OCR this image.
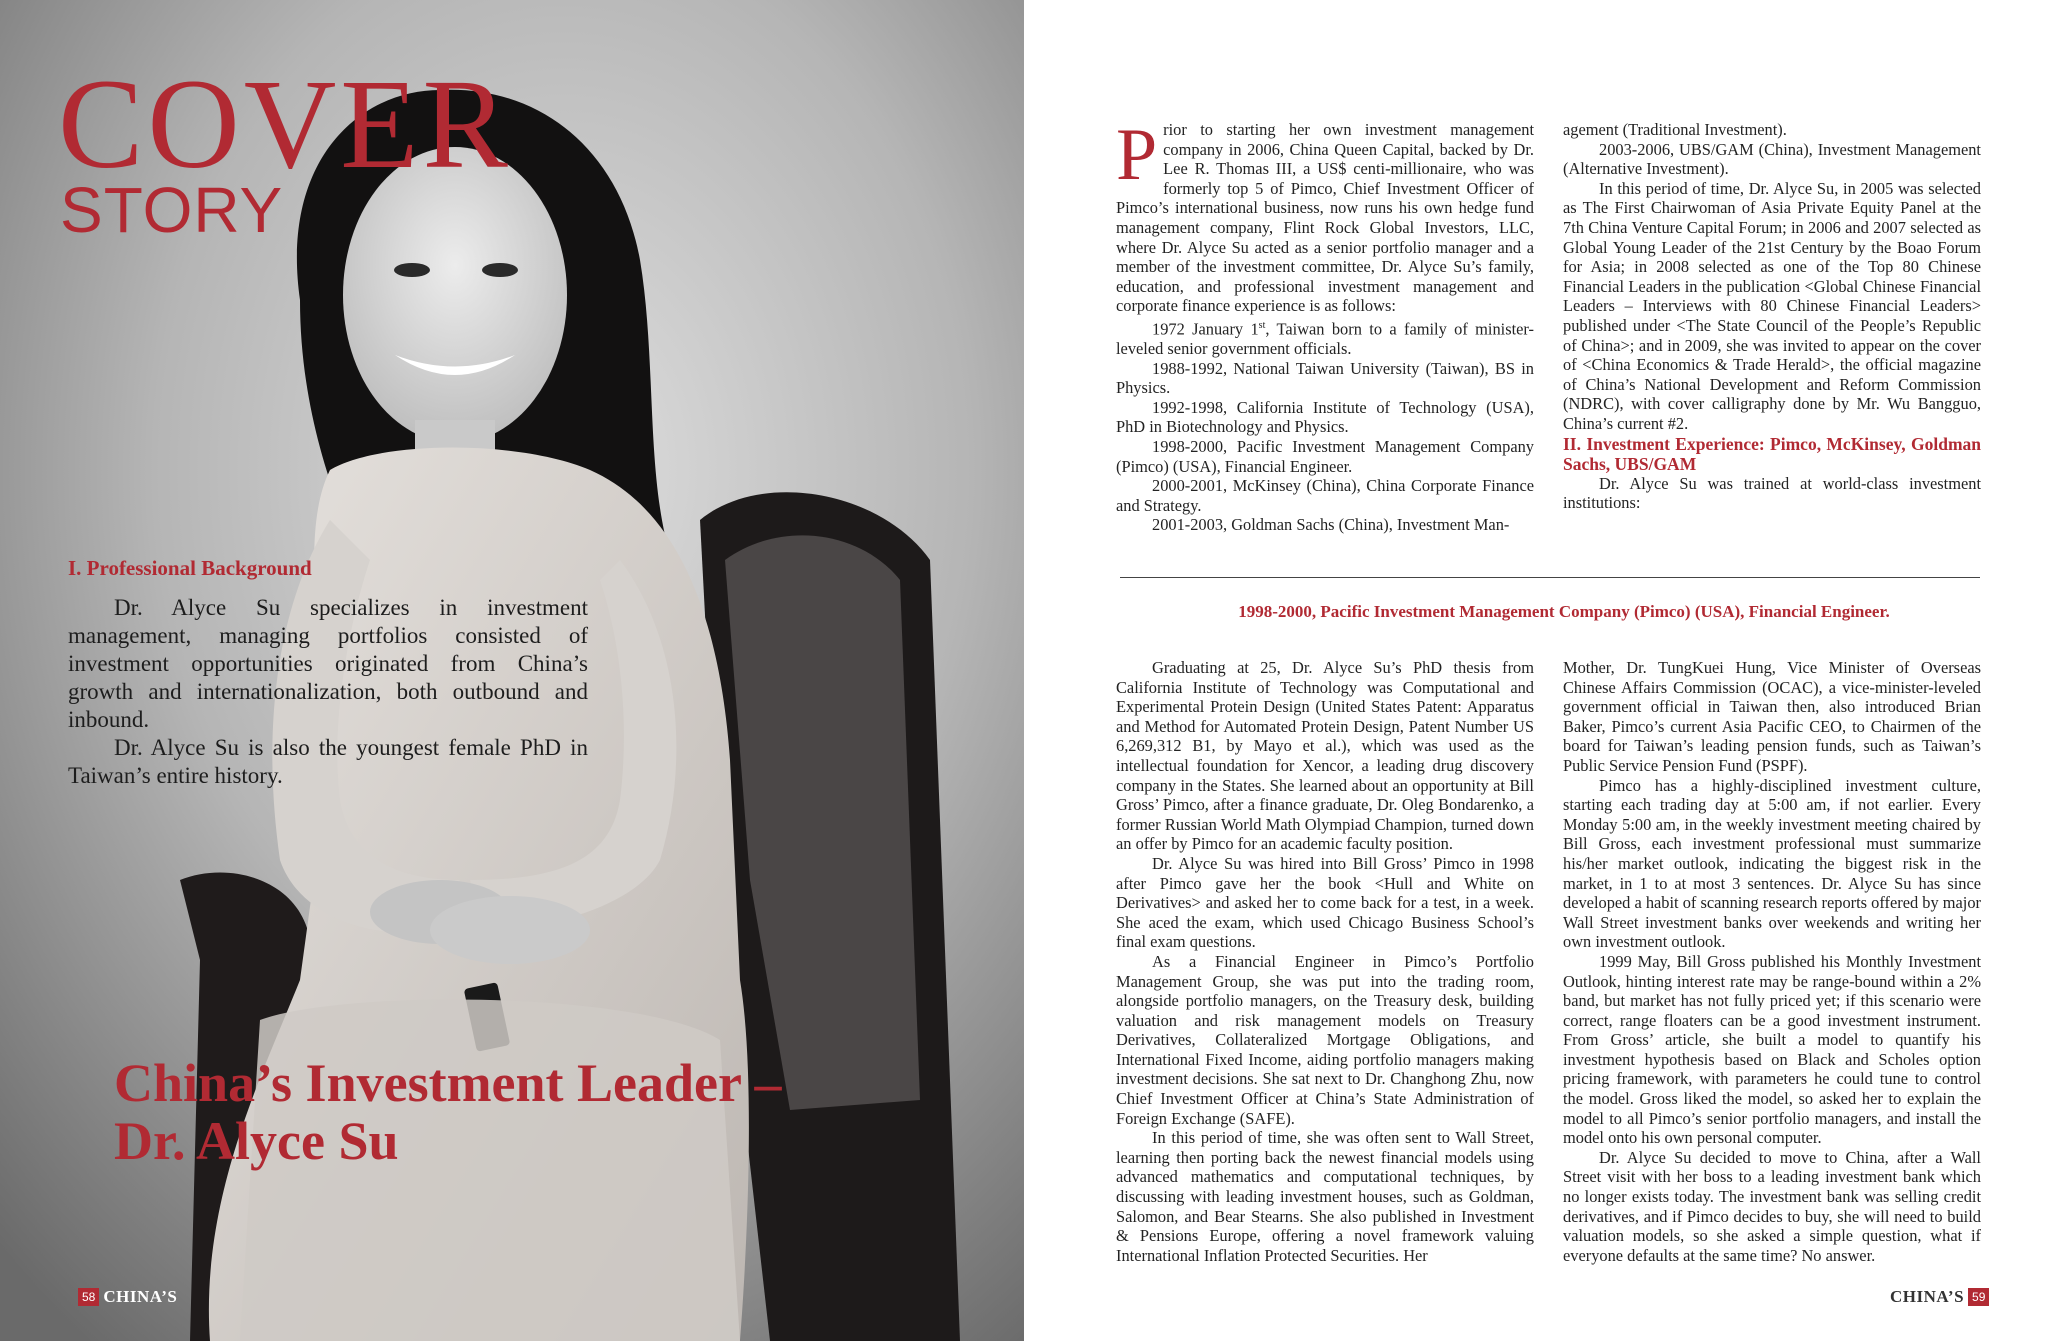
COVER
STORY
I. Professional Background

Dr. Alyce Su specializes in investment management, managing portfolios consisted of investment opportunities originated from China’s growth and internationalization, both outbound and inbound.

Dr. Alyce Su is also the youngest female PhD in Taiwan’s entire history.

China’s Investment Leader –
Dr. Alyce Su
58 CHINA’S

Prior to starting her own investment management company in 2006, China Queen Capital, backed by Dr. Lee R. Thomas III, a US$ centi-millionaire, who was formerly top 5 of Pimco, Chief Investment Officer of Pimco’s international business, now runs his own hedge fund management company, Flint Rock Global Investors, LLC, where Dr. Alyce Su acted as a senior portfolio manager and a member of the investment committee, Dr. Alyce Su’s family, education, and professional investment management and corporate finance experience is as follows:

1972 January 1st, Taiwan born to a family of minister-leveled senior government officials.

1988-1992, National Taiwan University (Taiwan), BS in Physics.

1992-1998, California Institute of Technology (USA), PhD in Biotechnology and Physics.

1998-2000, Pacific Investment Management Company (Pimco) (USA), Financial Engineer.

2000-2001, McKinsey (China), China Corporate Finance and Strategy.

2001-2003, Goldman Sachs (China), Investment Man-

agement (Traditional Investment).

2003-2006, UBS/GAM (China), Investment Management (Alternative Investment).

In this period of time, Dr. Alyce Su, in 2005 was selected as The First Chairwoman of Asia Private Equity Panel at the 7th China Venture Capital Forum; in 2006 and 2007 selected as Global Young Leader of the 21st Century by the Boao Forum for Asia; in 2008 selected as one of the Top 80 Chinese Financial Leaders in the publication <Global Chinese Financial Leaders – Interviews with 80 Chinese Financial Leaders> published under <The State Council of the People’s Republic of China>; and in 2009, she was invited to appear on the cover of <China Economics & Trade Herald>, the official magazine of China’s National Development and Reform Commission (NDRC), with cover calligraphy done by Mr. Wu Bangguo, China’s current #2.

II. Investment Experience: Pimco, McKinsey, Goldman Sachs, UBS/GAM

Dr. Alyce Su was trained at world-class investment institutions:

1998-2000, Pacific Investment Management Company (Pimco) (USA), Financial Engineer.

Graduating at 25, Dr. Alyce Su’s PhD thesis from California Institute of Technology was Computational and Experimental Protein Design (United States Patent: Apparatus and Method for Automated Protein Design, Patent Number US 6,269,312 B1, by Mayo et al.), which was used as the intellectual foundation for Xencor, a leading drug discovery company in the States. She learned about an opportunity at Bill Gross’ Pimco, after a finance graduate, Dr. Oleg Bondarenko, a former Russian World Math Olympiad Champion, turned down an offer by Pimco for an academic faculty position.

Dr. Alyce Su was hired into Bill Gross’ Pimco in 1998 after Pimco gave her the book <Hull and White on Derivatives> and asked her to come back for a test, in a week. She aced the exam, which used Chicago Business School’s final exam questions.

As a Financial Engineer in Pimco’s Portfolio Management Group, she was put into the trading room, alongside portfolio managers, on the Treasury desk, building valuation and risk management models on Treasury Derivatives, Collateralized Mortgage Obligations, and International Fixed Income, aiding portfolio managers making investment decisions. She sat next to Dr. Changhong Zhu, now Chief Investment Officer at China’s State Administration of Foreign Exchange (SAFE).

In this period of time, she was often sent to Wall Street, learning then porting back the newest financial models using advanced mathematics and computational techniques, by discussing with leading investment houses, such as Goldman, Salomon, and Bear Stearns. She also published in Investment & Pensions Europe, offering a novel framework valuing International Inflation Protected Securities. Her

Mother, Dr. TungKuei Hung, Vice Minister of Overseas Chinese Affairs Commission (OCAC), a vice-minister-leveled government official in Taiwan then, also introduced Brian Baker, Pimco’s current Asia Pacific CEO, to Chairmen of the board for Taiwan’s leading pension funds, such as Taiwan’s Public Service Pension Fund (PSPF).

Pimco has a highly-disciplined investment culture, starting each trading day at 5:00 am, if not earlier. Every Monday 5:00 am, in the weekly investment meeting chaired by Bill Gross, each investment professional must summarize his/her market outlook, indicating the biggest risk in the market, in 1 to at most 3 sentences. Dr. Alyce Su has since developed a habit of scanning research reports offered by major Wall Street investment banks over weekends and writing her own investment outlook.

1999 May, Bill Gross published his Monthly Investment Outlook, hinting interest rate may be range-bound within a 2% band, but market has not fully priced yet; if this scenario were correct, range floaters can be a good investment instrument. From Gross’ article, she built a model to quantify his investment hypothesis based on Black and Scholes option pricing framework, with parameters he could tune to control the model. Gross liked the model, so asked her to explain the model to all Pimco’s senior portfolio managers, and install the model onto his own personal computer.

Dr. Alyce Su decided to move to China, after a Wall Street visit with her boss to a leading investment bank which no longer exists today. The investment bank was selling credit derivatives, and if Pimco decides to buy, she will need to build valuation models, so she asked a simple question, what if everyone defaults at the same time? No answer.

CHINA’S 59
